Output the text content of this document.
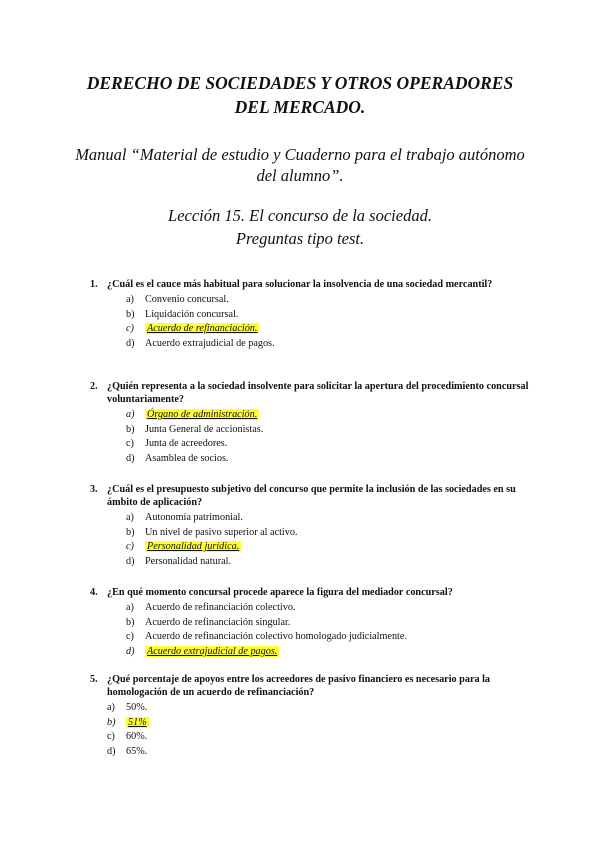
DERECHO DE SOCIEDADES Y OTROS OPERADORES

DEL MERCADO.

Manual “Material de estudio y Cuaderno para el trabajo autónomo

del alumno”.

Lección 15. El concurso de la sociedad.

Preguntas tipo test.

1. ¿Cuál es el cauce más habitual para solucionar la insolvencia de una sociedad mercantil?
a) Convenio concursal.
b) Liquidación concursal.
c) Acuerdo de refinanciación.
d) Acuerdo extrajudicial de pagos.
2. ¿Quién representa a la sociedad insolvente para solicitar la apertura del procedimiento concursal voluntariamente?
a) Órgano de administración.
b) Junta General de accionistas.
c) Junta de acreedores.
d) Asamblea de socios.
3. ¿Cuál es el presupuesto subjetivo del concurso que permite la inclusión de las sociedades en su ámbito de aplicación?
a) Autonomía patrimonial.
b) Un nivel de pasivo superior al activo.
c) Personalidad jurídica.
d) Personalidad natural.
4. ¿En qué momento concursal procede aparece la figura del mediador concursal?
a) Acuerdo de refinanciación colectivo.
b) Acuerdo de refinanciación singular.
c) Acuerdo de refinanciación colectivo homologado judicialmente.
d) Acuerdo extrajudicial de pagos.
5. ¿Qué porcentaje de apoyos entre los acreedores de pasivo financiero es necesario para la homologación de un acuerdo de refinanciación?
a) 50%.
b) 51%
c) 60%.
d) 65%.
